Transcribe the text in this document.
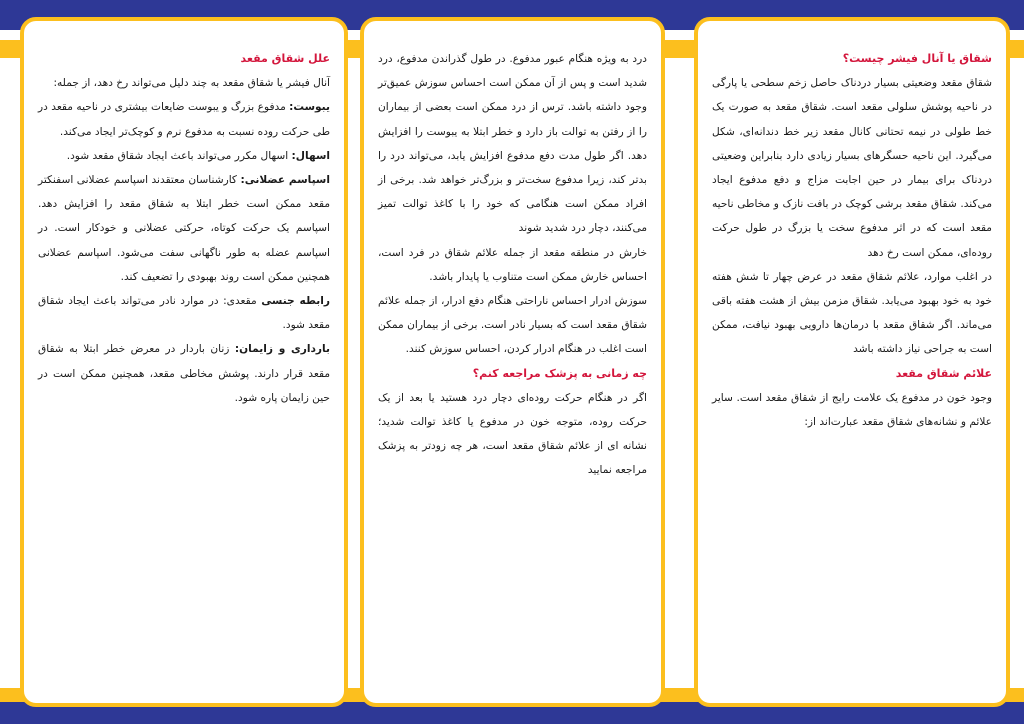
شقاق یا آنال فیشر چیست؟

شقاق مقعد وضعیتی بسیار دردناک حاصل زخم سطحی یا پارگی در ناحیه پوشش سلولی مقعد است. شقاق مقعد به صورت یک خط طولی در نیمه تحتانی کانال مقعد زیر خط دندانه‌ای، شکل می‌گیرد. این ناحیه حسگرهای بسیار زیادی دارد بنابراین وضعیتی دردناک برای بیمار در حین اجابت مزاج و دفع مدفوع ایجاد می‌کند. شقاق مقعد برشی کوچک در بافت نازک و مخاطی ناحیه مقعد است که در اثر مدفوع سخت یا بزرگ در طول حرکت روده‌ای، ممکن است رخ دهد

در اغلب موارد، علائم شقاق مقعد در عرض چهار تا شش هفته خود به خود بهبود می‌یابد. شقاق مزمن بیش از هشت هفته باقی می‌ماند. اگر شقاق مقعد با درمان‌ها دارویی بهبود نیافت، ممکن است به جراحی نیاز داشته باشد

علائم شقاق مقعد

وجود خون در مدفوع یک علامت رایج از شقاق مقعد است. سایر علائم و نشانه‌های شقاق مقعد عبارت‌اند از:

درد به ویژه هنگام عبور مدفوع. در طول گذراندن مدفوع، درد شدید است و پس از آن ممکن است احساس سوزش عمیق‌تر وجود داشته باشد. ترس از درد ممکن است بعضی از بیماران را از رفتن به توالت باز دارد و خطر ابتلا به یبوست را افزایش دهد. اگر طول مدت دفع مدفوع افزایش یابد، می‌تواند درد را بدتر کند، زیرا مدفوع سخت‌تر و بزرگ‌تر خواهد شد. برخی از افراد ممکن است هنگامی که خود را با کاغذ توالت تمیز می‌کنند، دچار درد شدید شوند

خارش در منطقه مقعد از جمله علائم شقاق در فرد است، احساس خارش ممکن است متناوب یا پایدار باشد.

سوزش ادرار احساس ناراحتی هنگام دفع ادرار، از جمله علائم شقاق مقعد است که بسیار نادر است. برخی از بیماران ممکن است اغلب در هنگام ادرار کردن، احساس سوزش کنند.

چه زمانی به پزشک مراجعه کنم؟

اگر در هنگام حرکت روده‌ای دچار درد هستید یا بعد از یک حرکت روده، متوجه خون در مدفوع یا کاغذ توالت شدید؛ نشانه ای از علائم شقاق مقعد است، هر چه زودتر به پزشک مراجعه نمایید

علل شقاق مقعد

آنال فیشر یا شقاق مقعد به چند دلیل می‌تواند رخ دهد، از جمله:

یبوست: مدفوع بزرگ و یبوست ضایعات بیشتری در ناحیه مقعد در طی حرکت روده نسبت به مدفوع نرم و کوچک‌تر ایجاد می‌کند.

اسهال: اسهال مکرر می‌تواند باعث ایجاد شقاق مقعد شود.

اسپاسم عضلانی: کارشناسان معتقدند اسپاسم عضلانی اسفنکتر مقعد ممکن است خطر ابتلا به شقاق مقعد را افزایش دهد. اسپاسم یک حرکت کوتاه، حرکتی عضلانی و خودکار است. در اسپاسم عضله به طور ناگهانی سفت می‌شود. اسپاسم عضلانی همچنین ممکن است روند بهبودی را تضعیف کند.

رابطه جنسی مقعدی: در موارد نادر می‌تواند باعث ایجاد شقاق مقعد شود.

بارداری و زایمان: زنان باردار در معرض خطر ابتلا به شقاق مقعد قرار دارند. پوشش مخاطی مقعد، همچنین ممکن است در حین زایمان پاره شود.
